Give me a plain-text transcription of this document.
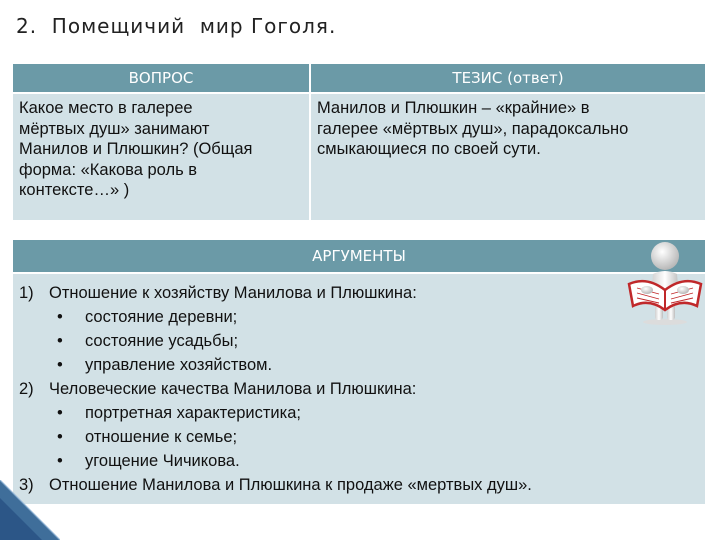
2.  Помещичий  мир Гоголя.
ВОПРОС	ТЕЗИС (ответ)
Какое место в галерее
мёртвых душ» занимают
Манилов и Плюшкин? (Общая
форма: «Какова роль в
контексте…» )
Манилов и Плюшкин – «крайние» в
галерее «мёртвых душ», парадоксально
смыкающиеся по своей сути.
АРГУМЕНТЫ
1) Отношение к хозяйству Манилова и Плюшкина:
• состояние деревни;
• состояние усадьбы;
• управление хозяйством.
2) Человеческие качества Манилова и Плюшкина:
• портретная характеристика;
• отношение к семье;
• угощение Чичикова.
3) Отношение Манилова и Плюшкина к продаже «мертвых душ».
